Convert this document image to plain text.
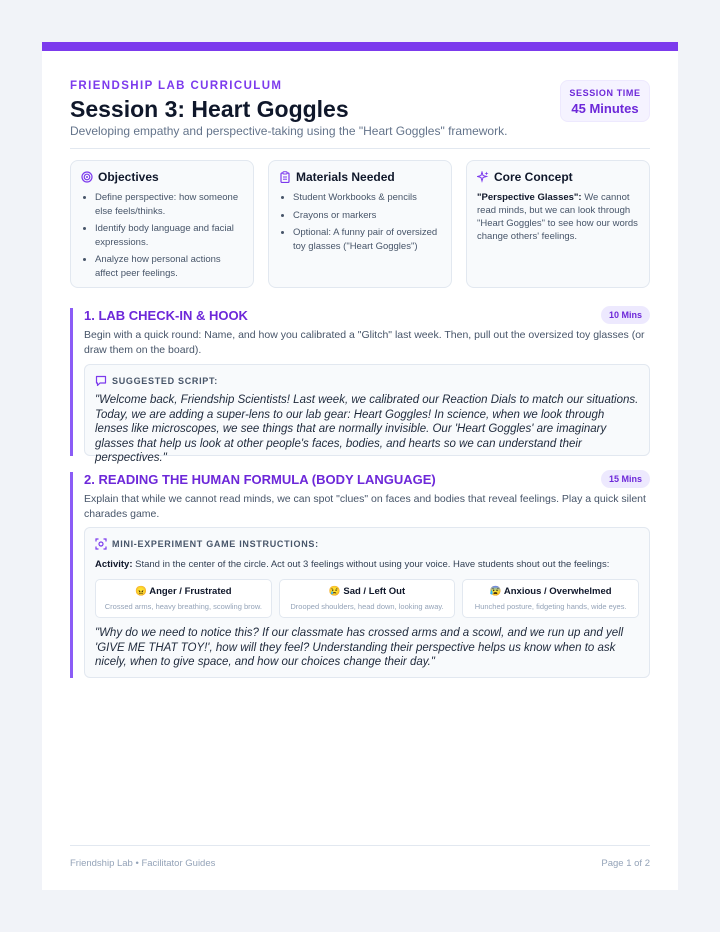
FRIENDSHIP LAB CURRICULUM
Session 3: Heart Goggles
Developing empathy and perspective-taking using the "Heart Goggles" framework.
SESSION TIME
45 Minutes
Objectives
• Define perspective: how someone else feels/thinks.
• Identify body language and facial expressions.
• Analyze how personal actions affect peer feelings.
Materials Needed
• Student Workbooks & pencils
• Crayons or markers
• Optional: A funny pair of oversized toy glasses ("Heart Goggles")
Core Concept

"Perspective Glasses": We cannot read minds, but we can look through "Heart Goggles" to see how our words change others' feelings.

1. LAB CHECK-IN & HOOK	10 Mins
Begin with a quick round: Name, and how you calibrated a "Glitch" last week. Then, pull out the oversized toy glasses (or draw them on the board).
SUGGESTED SCRIPT:
"Welcome back, Friendship Scientists! Last week, we calibrated our Reaction Dials to match our situations. Today, we are adding a super-lens to our lab gear: Heart Goggles! In science, when we look through lenses like microscopes, we see things that are normally invisible. Our 'Heart Goggles' are imaginary glasses that help us look at other people's faces, bodies, and hearts so we can understand their perspectives."
2. READING THE HUMAN FORMULA (BODY LANGUAGE)	15 Mins
Explain that while we cannot read minds, we can spot "clues" on faces and bodies that reveal feelings. Play a quick silent charades game.
MINI-EXPERIMENT GAME INSTRUCTIONS:
Activity: Stand in the center of the circle. Act out 3 feelings without using your voice. Have students shout out the feelings:
😠 Anger / Frustrated
Crossed arms, heavy breathing, scowling brow.
😢 Sad / Left Out
Drooped shoulders, head down, looking away.
😰 Anxious / Overwhelmed
Hunched posture, fidgeting hands, wide eyes.
"Why do we need to notice this? If our classmate has crossed arms and a scowl, and we run up and yell 'GIVE ME THAT TOY!', how will they feel? Understanding their perspective helps us know when to ask nicely, when to give space, and how our choices change their day."
Friendship Lab • Facilitator Guides	Page 1 of 2
